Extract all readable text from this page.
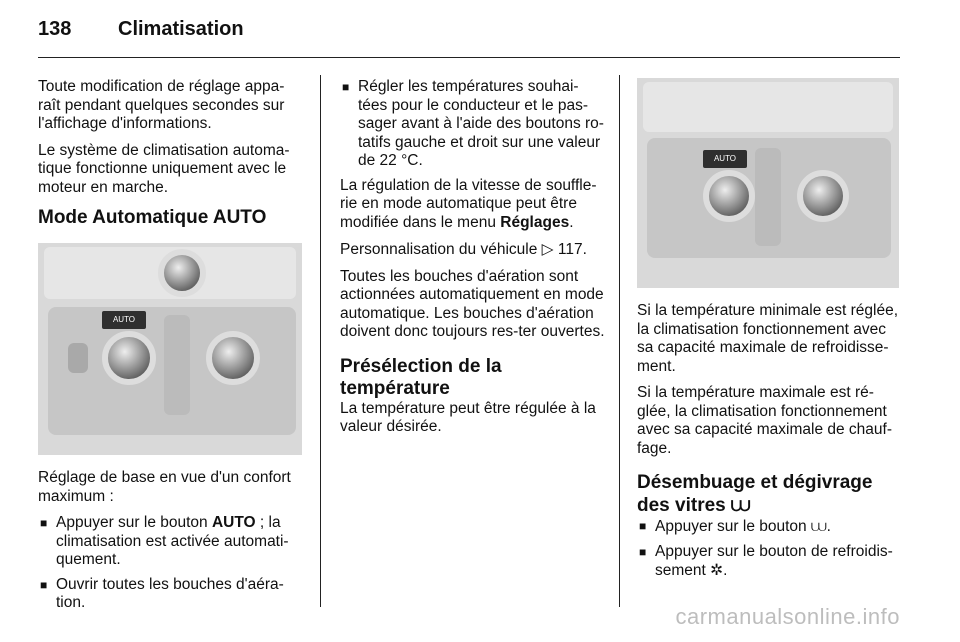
138 Climatisation

Toute modification de réglage appa-raît pendant quelques secondes sur l'affichage d'informations.

Le système de climatisation automa-tique fonctionne uniquement avec le moteur en marche.

Mode Automatique AUTO
AUTO

Réglage de base en vue d'un confort maximum :

■ Appuyer sur le bouton AUTO ; la climatisation est activée automati-quement.
■ Ouvrir toutes les bouches d'aéra-tion.
■ Régler les températures souhai-tées pour le conducteur et le pas-sager avant à l'aide des boutons ro-tatifs gauche et droit sur une valeur de 22 °C.

La régulation de la vitesse de souffle-rie en mode automatique peut être modifiée dans le menu Réglages.

Personnalisation du véhicule ▷ 117.

Toutes les bouches d'aération sont actionnées automatiquement en mode automatique. Les bouches d'aération doivent donc toujours res-ter ouvertes.

Présélection de la température

La température peut être régulée à la valeur désirée.

AUTO

Si la température minimale est réglée, la climatisation fonctionnement avec sa capacité maximale de refroidisse-ment.

Si la température maximale est ré-glée, la climatisation fonctionnement avec sa capacité maximale de chauf-fage.

Désembuage et dégivrage des vitres ⩊
■ Appuyer sur le bouton ⩊.
■ Appuyer sur le bouton de refroidis-sement ✲.
carmanualsonline.info
